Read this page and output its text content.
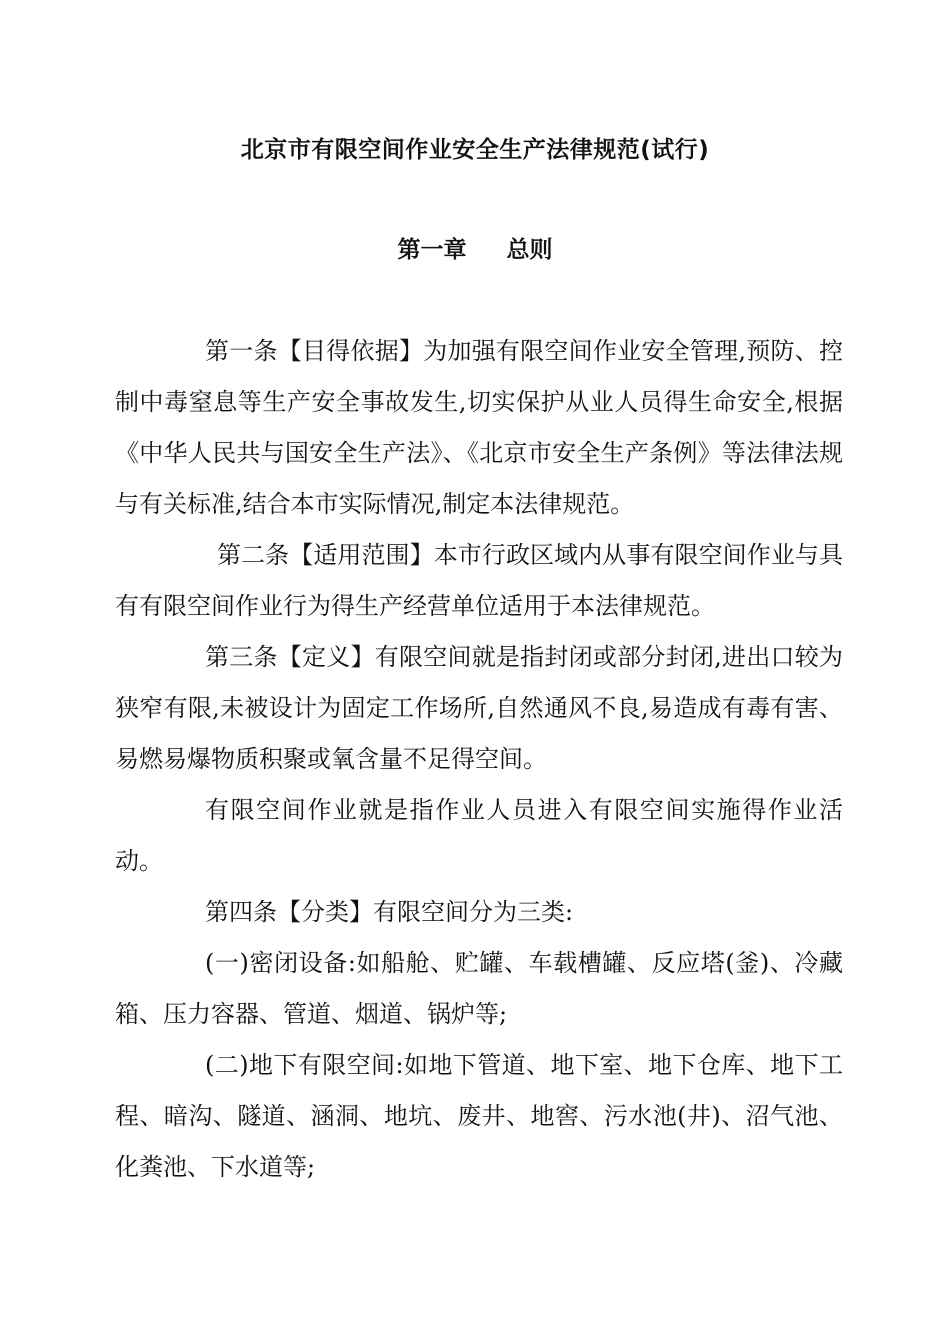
北京市有限空间作业安全生产法律规范(试行)
第一章 总则

第一条【目得依据】为加强有限空间作业安全管理,预防、控制中毒窒息等生产安全事故发生,切实保护从业人员得生命安全,根据《中华人民共与国安全生产法》、《北京市安全生产条例》等法律法规与有关标准,结合本市实际情况,制定本法律规范。

第二条【适用范围】本市行政区域内从事有限空间作业与具有有限空间作业行为得生产经营单位适用于本法律规范。

第三条【定义】有限空间就是指封闭或部分封闭,进出口较为狭窄有限,未被设计为固定工作场所,自然通风不良,易造成有毒有害、易燃易爆物质积聚或氧含量不足得空间。

有限空间作业就是指作业人员进入有限空间实施得作业活动。

第四条【分类】有限空间分为三类:

(一)密闭设备:如船舱、贮罐、车载槽罐、反应塔(釜)、冷藏箱、压力容器、管道、烟道、锅炉等;

(二)地下有限空间:如地下管道、地下室、地下仓库、地下工程、暗沟、隧道、涵洞、地坑、废井、地窖、污水池(井)、沼气池、化粪池、下水道等;
